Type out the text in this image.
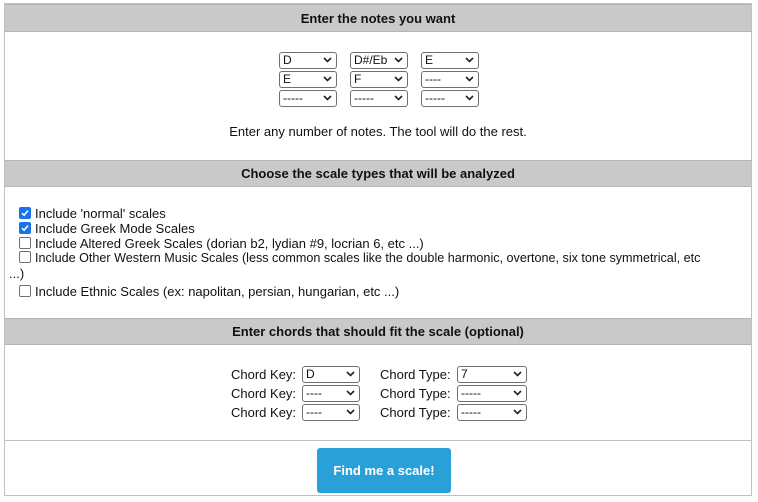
Enter the notes you want
D	D#/Eb	E
E	F	----
-----	-----	-----
Enter any number of notes. The tool will do the rest.
Choose the scale types that will be analyzed
Include 'normal' scales
Include Greek Mode Scales
Include Altered Greek Scales (dorian b2, lydian #9, locrian 6, etc ...)
Include Other Western Music Scales (less common scales like the double harmonic, overtone, six tone symmetrical, etc
...)
Include Ethnic Scales (ex: napolitan, persian, hungarian, etc ...)
Enter chords that should fit the scale (optional)
Chord Key: D	Chord Type: 7
Chord Key: ----	Chord Type: -----
Chord Key: ----	Chord Type: -----
Find me a scale!
